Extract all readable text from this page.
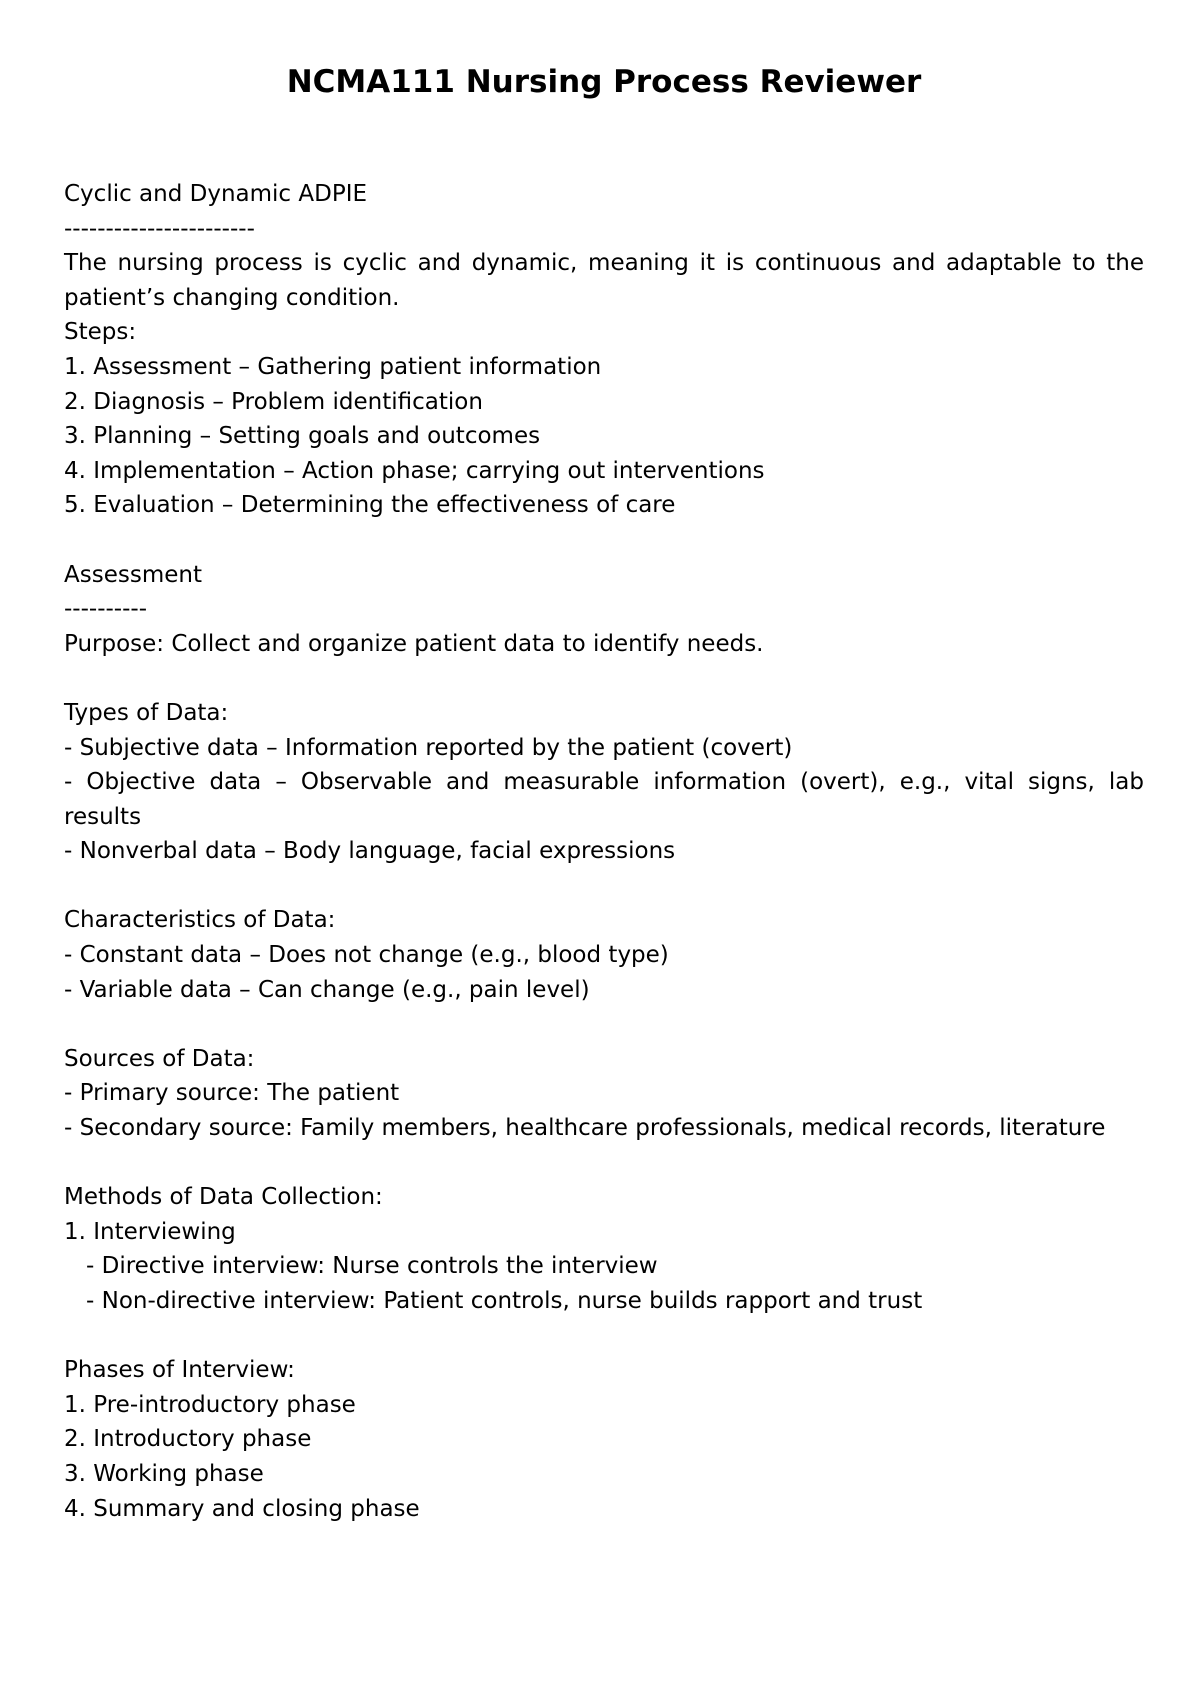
NCMA111 Nursing Process Reviewer
Cyclic and Dynamic ADPIE
-----------------------
The nursing process is cyclic and dynamic, meaning it is continuous and adaptable to the patient’s changing condition.
Steps:
1. Assessment – Gathering patient information
2. Diagnosis – Problem identification
3. Planning – Setting goals and outcomes
4. Implementation – Action phase; carrying out interventions
5. Evaluation – Determining the effectiveness of care
Assessment
----------
Purpose: Collect and organize patient data to identify needs.
Types of Data:
- Subjective data – Information reported by the patient (covert)
- Objective data – Observable and measurable information (overt), e.g., vital signs, lab results
- Nonverbal data – Body language, facial expressions
Characteristics of Data:
- Constant data – Does not change (e.g., blood type)
- Variable data – Can change (e.g., pain level)
Sources of Data:
- Primary source: The patient
- Secondary source: Family members, healthcare professionals, medical records, literature
Methods of Data Collection:
1. Interviewing
- Directive interview: Nurse controls the interview
- Non-directive interview: Patient controls, nurse builds rapport and trust
Phases of Interview:
1. Pre-introductory phase
2. Introductory phase
3. Working phase
4. Summary and closing phase
